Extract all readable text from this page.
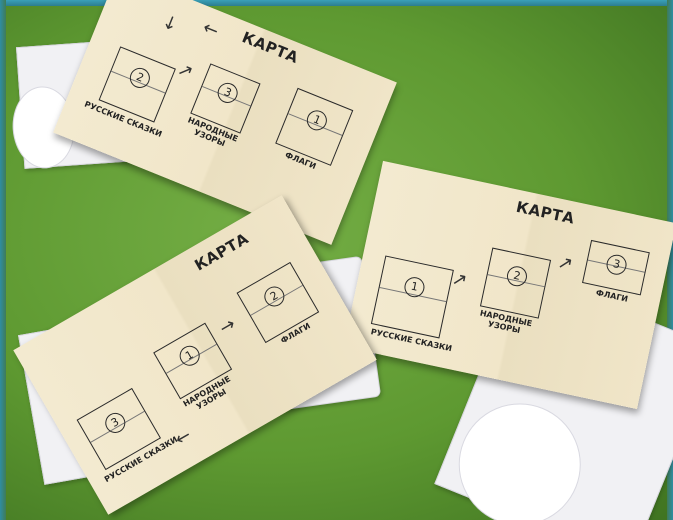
КАРТА
1
ФЛАГИ
3
НАРОДНЫЕ
УЗОРЫ
2
РУССКИЕ СКАЗКИ
←
↓
↗
КАРТА
1
РУССКИЕ СКАЗКИ
2
НАРОДНЫЕ
УЗОРЫ
3
ФЛАГИ
↗
↗
КАРТА
3
РУССКИЕ СКАЗКИ
1
НАРОДНЫЕ
УЗОРЫ
2
ФЛАГИ
→
←
